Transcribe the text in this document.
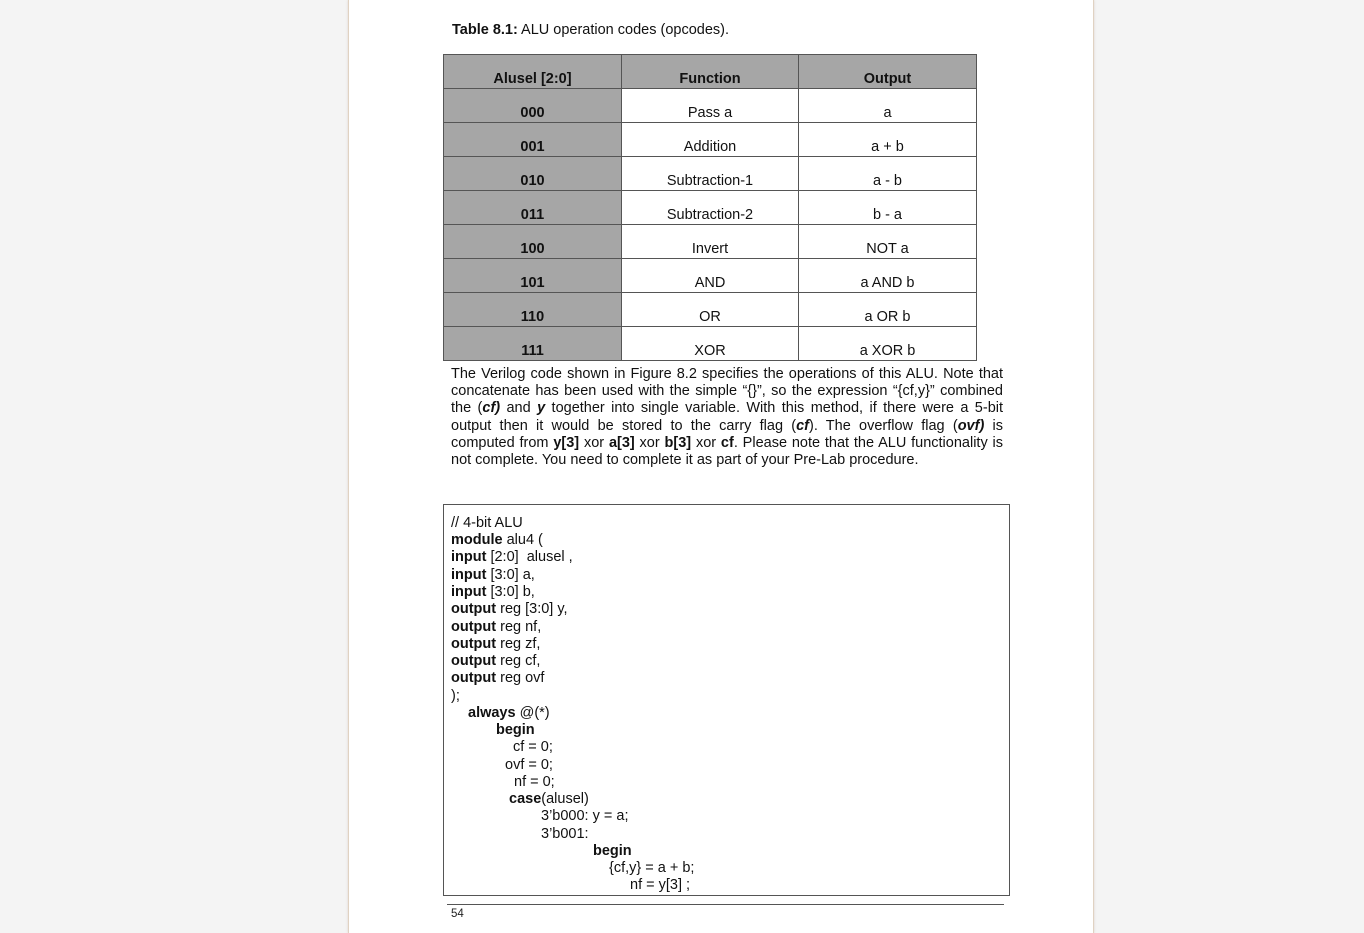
Table 8.1: ALU operation codes (opcodes).
Alusel [2:0]	Function	Output
000	Pass a	a
001	Addition	a + b
010	Subtraction-1	a - b
011	Subtraction-2	b - a
100	Invert	NOT a
101	AND	a AND b
110	OR	a OR b
111	XOR	a XOR b
The Verilog code shown in Figure 8.2 specifies the operations of this ALU. Note that concatenate has been used with the simple “{}”, so the expression “{cf,y}” combined the (cf) and y together into single variable. With this method, if there were a 5-bit output then it would be stored to the carry flag (cf). The overflow flag (ovf) is computed from y[3] xor a[3] xor b[3] xor cf. Please note that the ALU functionality is not complete. You need to complete it as part of your Pre-Lab procedure.
// 4-bit ALU
module alu4 (
input [2:0]  alusel ,
input [3:0] a,
input [3:0] b,
output reg [3:0] y,
output reg nf,
output reg zf,
output reg cf,
output reg ovf
);
always @(*)
begin
cf = 0;
ovf = 0;
nf = 0;
case(alusel)
3’b000: y = a;
3’b001:
begin
{cf,y} = a + b;
nf = y[3] ;
54
